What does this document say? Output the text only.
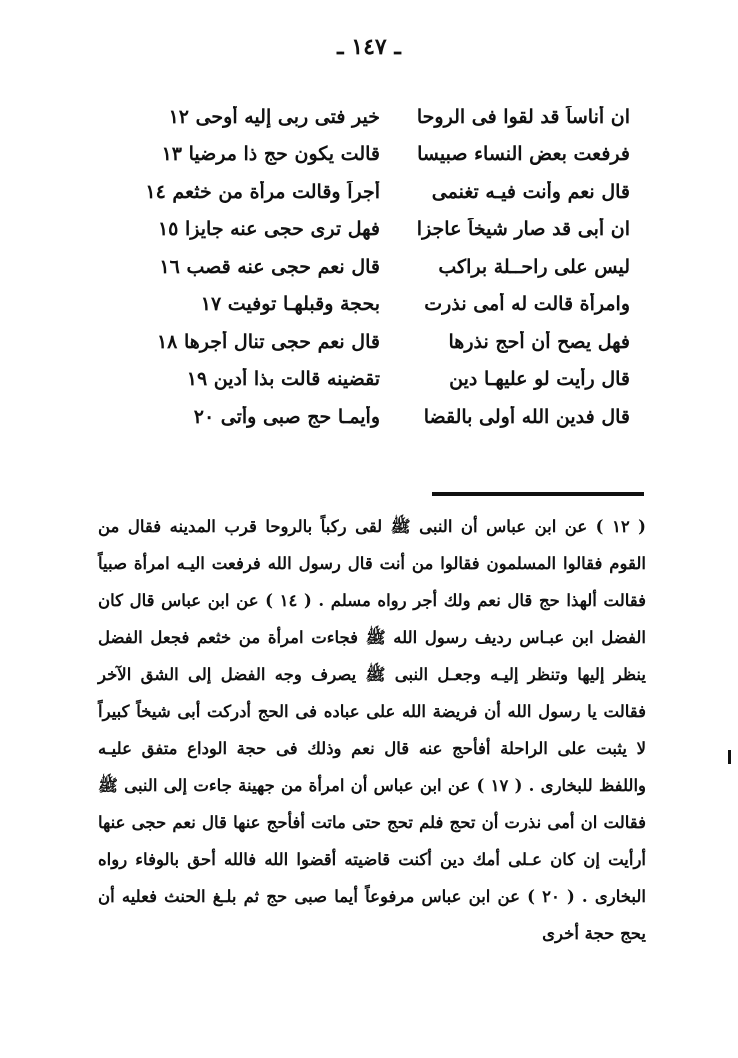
ـ ١٤٧ ـ
ان أناساً قد لقوا فى الروحا
خير فتى ربى إليه أوحى ١٢
فرفعت بعض النساء صبيسا
قالت يكون حج ذا مرضيا ١٣
قال نعم وأنت فيـه تغنمى
أجراً وقالت مرأة من خثعم ١٤
ان أبى قد صار شيخاً عاجزا
فهل ترى حجى عنه جايزا ١٥
ليس على راحــلة براكب
قال نعم حجى عنه قصب ١٦
وامرأة قالت له أمى نذرت
بحجة وقبلهـا توفيت ١٧
فهل يصح أن أحج نذرها
قال نعم حجى تنال أجرها ١٨
قال رأيت لو عليهـا دين
تقضينه قالت بذا أدين ١٩
قال فدين الله أولى بالقضا
وأيمـا حج صبى وأتى ٢٠

( ١٢ ) عن ابن عباس أن النبى ﷺ لقى ركباً بالروحا قرب المدينه فقال من القوم فقالوا المسلمون فقالوا من أنت قال رسول الله فرفعت اليـه امرأة صبياً فقالت ألهذا حج قال نعم ولك أجر رواه مسلم . ( ١٤ ) عن ابن عباس قال كان الفضل ابن عبـاس رديف رسول الله ﷺ فجاءت امرأة من خثعم فجعل الفضل ينظر إليها وتنظر إليـه وجعـل النبى ﷺ يصرف وجه الفضل إلى الشق الآخر فقالت يا رسول الله أن فريضة الله على عباده فى الحج أدركت أبى شيخاً كبيراً لا يثبت على الراحلة أفأحج عنه قال نعم وذلك فى حجة الوداع متفق عليـه واللفظ للبخارى . ( ١٧ ) عن ابن عباس أن امرأة من جهينة جاءت إلى النبى ﷺ فقالت ان أمى نذرت أن تحج فلم تحج حتى ماتت أفأحج عنها قال نعم حجى عنها أرأيت إن كان عـلى أمك دين أكنت قاضيته أقضوا الله فالله أحق بالوفاء رواه البخارى . ( ٢٠ ) عن ابن عباس مرفوعاً أيما صبى حج ثم بلـغ الحنث فعليه أن يحج حجة أخرى
